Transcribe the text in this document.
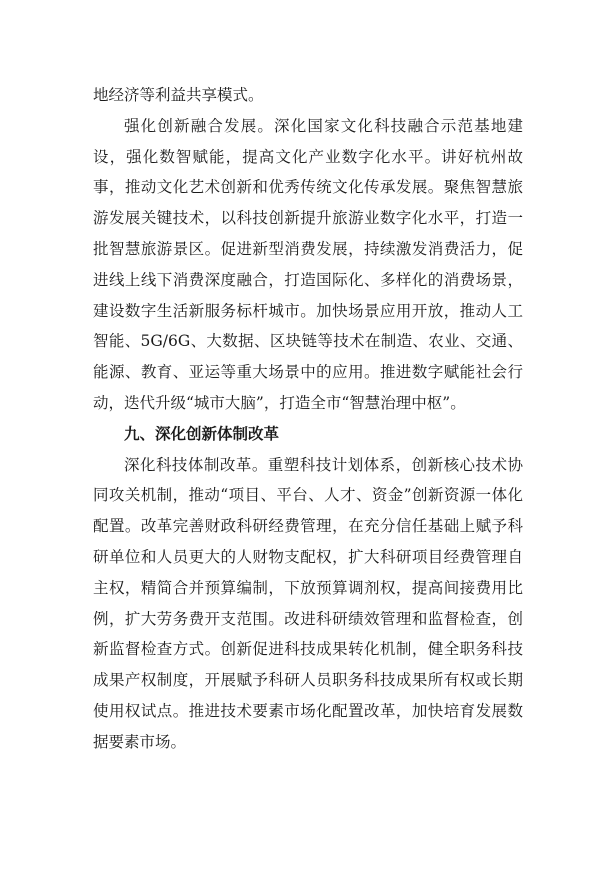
地经济等利益共享模式。

强化创新融合发展。深化国家文化科技融合示范基地建设，强化数智赋能，提高文化产业数字化水平。讲好杭州故事，推动文化艺术创新和优秀传统文化传承发展。聚焦智慧旅游发展关键技术，以科技创新提升旅游业数字化水平，打造一批智慧旅游景区。促进新型消费发展，持续激发消费活力，促进线上线下消费深度融合，打造国际化、多样化的消费场景，建设数字生活新服务标杆城市。加快场景应用开放，推动人工智能、5G/6G、大数据、区块链等技术在制造、农业、交通、能源、教育、亚运等重大场景中的应用。推进数字赋能社会行动，迭代升级“城市大脑”，打造全市“智慧治理中枢”。

九、深化创新体制改革

深化科技体制改革。重塑科技计划体系，创新核心技术协同攻关机制，推动“项目、平台、人才、资金”创新资源一体化配置。改革完善财政科研经费管理，在充分信任基础上赋予科研单位和人员更大的人财物支配权，扩大科研项目经费管理自主权，精简合并预算编制，下放预算调剂权，提高间接费用比例，扩大劳务费开支范围。改进科研绩效管理和监督检查，创新监督检查方式。创新促进科技成果转化机制，健全职务科技成果产权制度，开展赋予科研人员职务科技成果所有权或长期使用权试点。推进技术要素市场化配置改革，加快培育发展数据要素市场。
